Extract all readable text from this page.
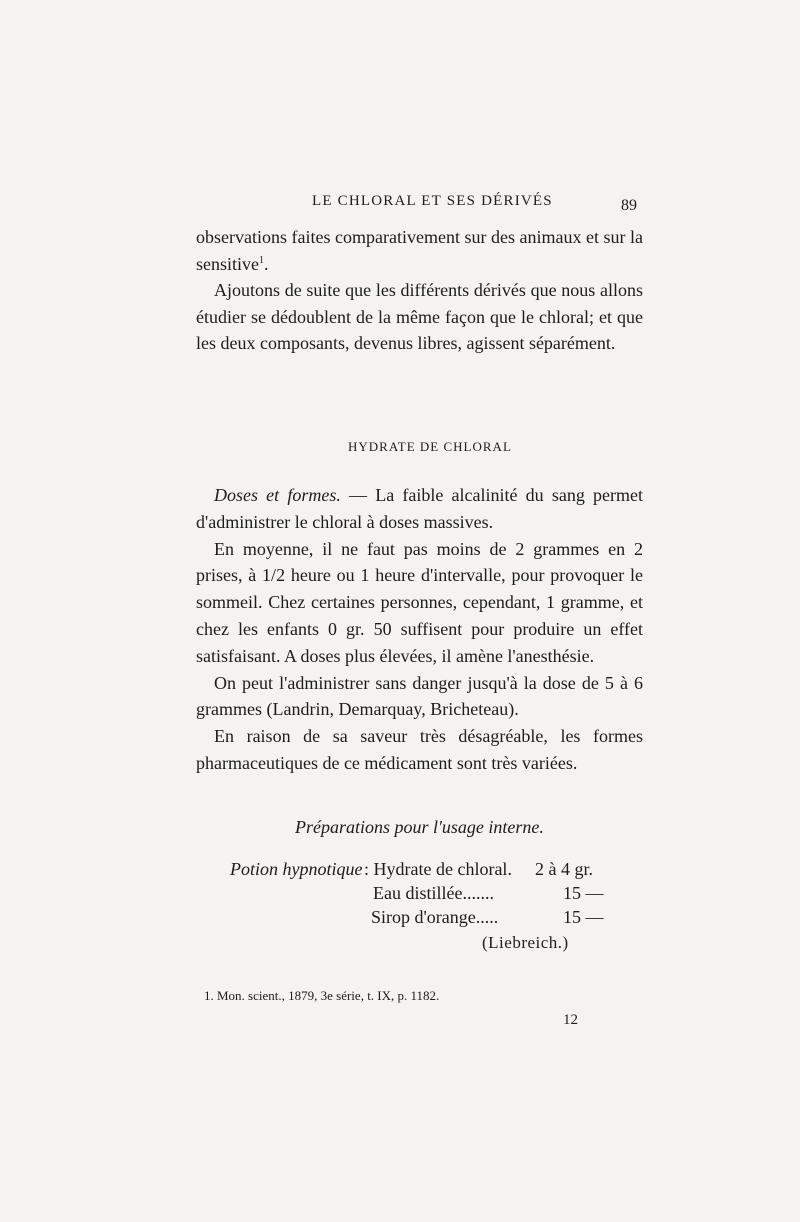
LE CHLORAL ET SES DÉRIVÉS	89

observations faites comparativement sur des animaux et sur la sensitive$^1$.

Ajoutons de suite que les différents dérivés que nous allons étudier se dédoublent de la même façon que le chloral; et que les deux composants, devenus libres, agissent séparément.

HYDRATE DE CHLORAL

Doses et formes. — La faible alcalinité du sang permet d'administrer le chloral à doses massives.

En moyenne, il ne faut pas moins de 2 grammes en 2 prises, à 1/2 heure ou 1 heure d'intervalle, pour provoquer le sommeil. Chez certaines personnes, cependant, 1 gramme, et chez les enfants 0 gr. 50 suffisent pour produire un effet satisfaisant. A doses plus élevées, il amène l'anesthésie.

On peut l'administrer sans danger jusqu'à la dose de 5 à 6 grammes (Landrin, Demarquay, Bricheteau).

En raison de sa saveur très désagréable, les formes pharmaceutiques de ce médicament sont très variées.

Préparations pour l'usage interne.
Potion hypnotique : Hydrate de chloral. 2 à 4 gr.
Eau distillée.......	15 —
Sirop d'orange.....	15 —
(Liebreich.)
1. Mon. scient., 1879, 3e série, t. IX, p. 1182.
12
